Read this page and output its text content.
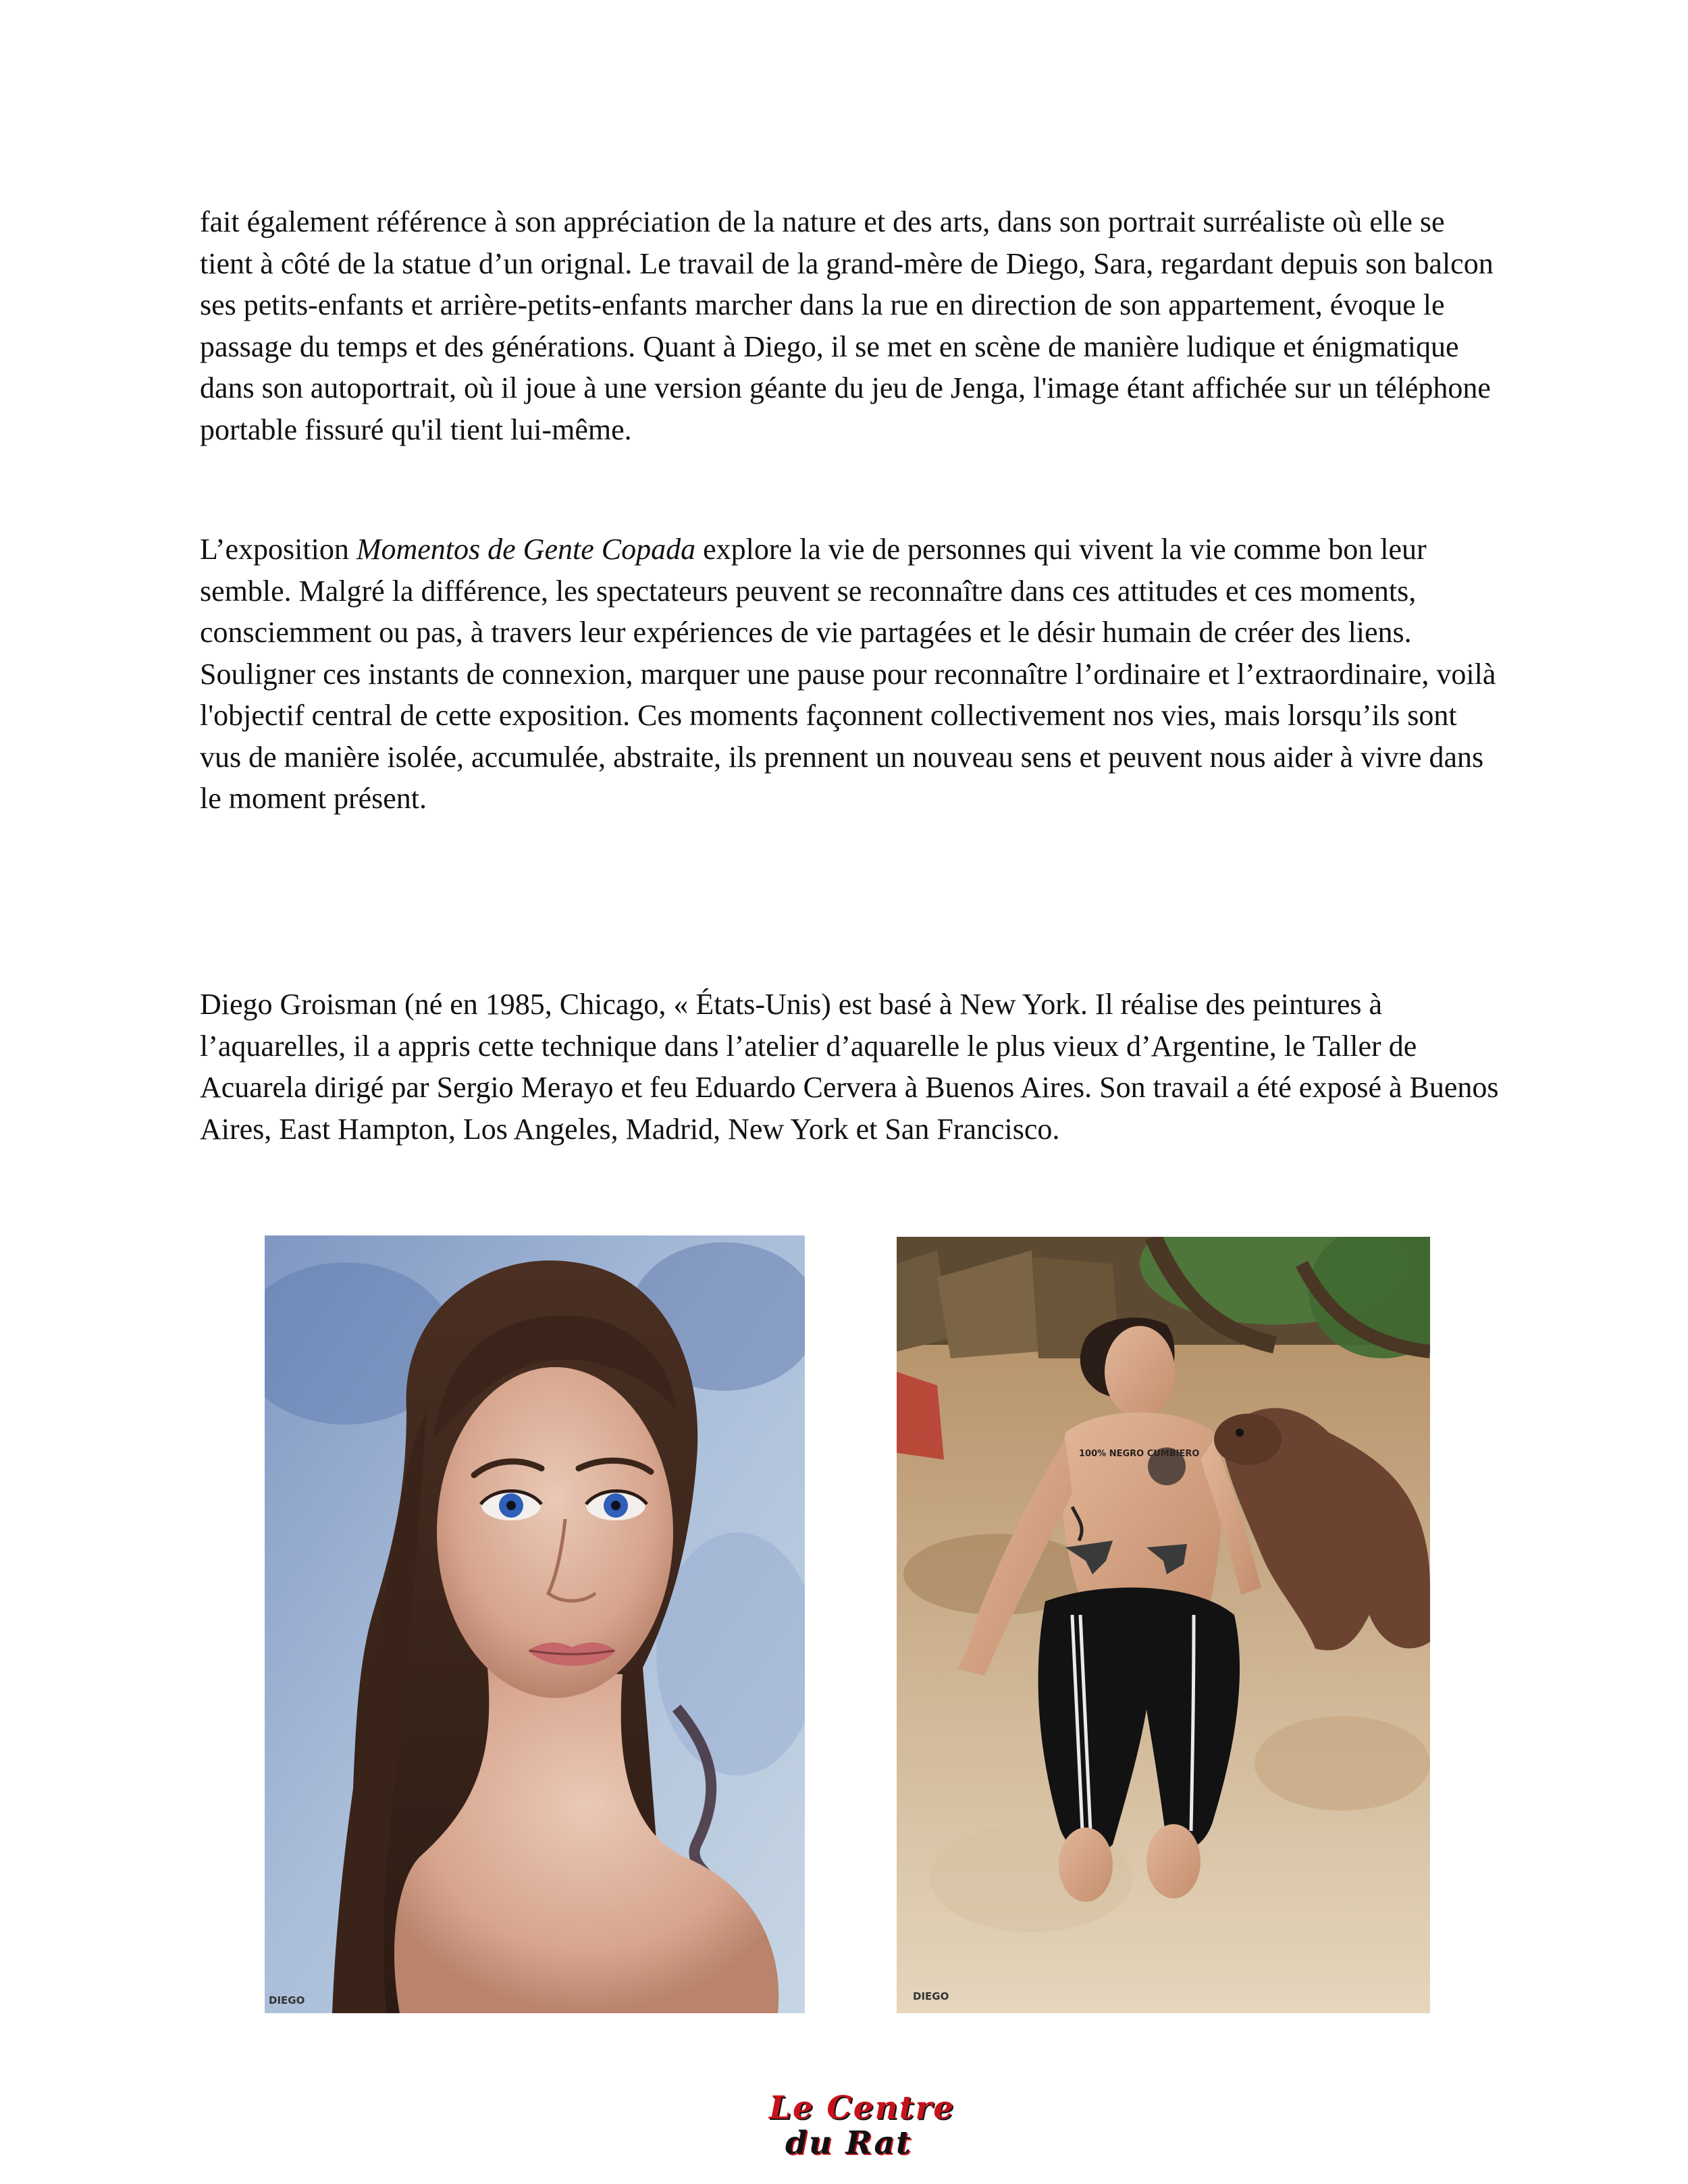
fait également référence à son appréciation de la nature et des arts, dans son portrait surréaliste où elle se tient à côté de la statue d’un orignal. Le travail de la grand-mère de Diego, Sara, regardant depuis son balcon ses petits-enfants et arrière-petits-enfants marcher dans la rue en direction de son appartement, évoque le passage du temps et des générations. Quant à Diego, il se met en scène de manière ludique et énigmatique dans son autoportrait, où il joue à une version géante du jeu de Jenga, l'image étant affichée sur un téléphone portable fissuré qu'il tient lui-même.

L’exposition Momentos de Gente Copada explore la vie de personnes qui vivent la vie comme bon leur semble. Malgré la différence, les spectateurs peuvent se reconnaître dans ces attitudes et ces moments, consciemment ou pas, à travers leur expériences de vie partagées et le désir humain de créer des liens. Souligner ces instants de connexion, marquer une pause pour reconnaître l’ordinaire et l’extraordinaire, voilà l'objectif central de cette exposition. Ces moments façonnent collectivement nos vies, mais lorsqu’ils sont vus de manière isolée, accumulée, abstraite, ils prennent un nouveau sens et peuvent nous aider à vivre dans le moment présent.

Diego Groisman (né en 1985, Chicago, « États-Unis) est basé à New York. Il réalise des peintures à l’aquarelles, il a appris cette technique dans l’atelier d’aquarelle le plus vieux d’Argentine, le Taller de Acuarela dirigé par Sergio Merayo et feu Eduardo Cervera à Buenos Aires. Son travail a été exposé à Buenos Aires, East Hampton, Los Angeles, Madrid, New York et San Francisco.

DIEGO
100% NEGRO CUMBIERO
DIEGO
Le Centre
du Rat
